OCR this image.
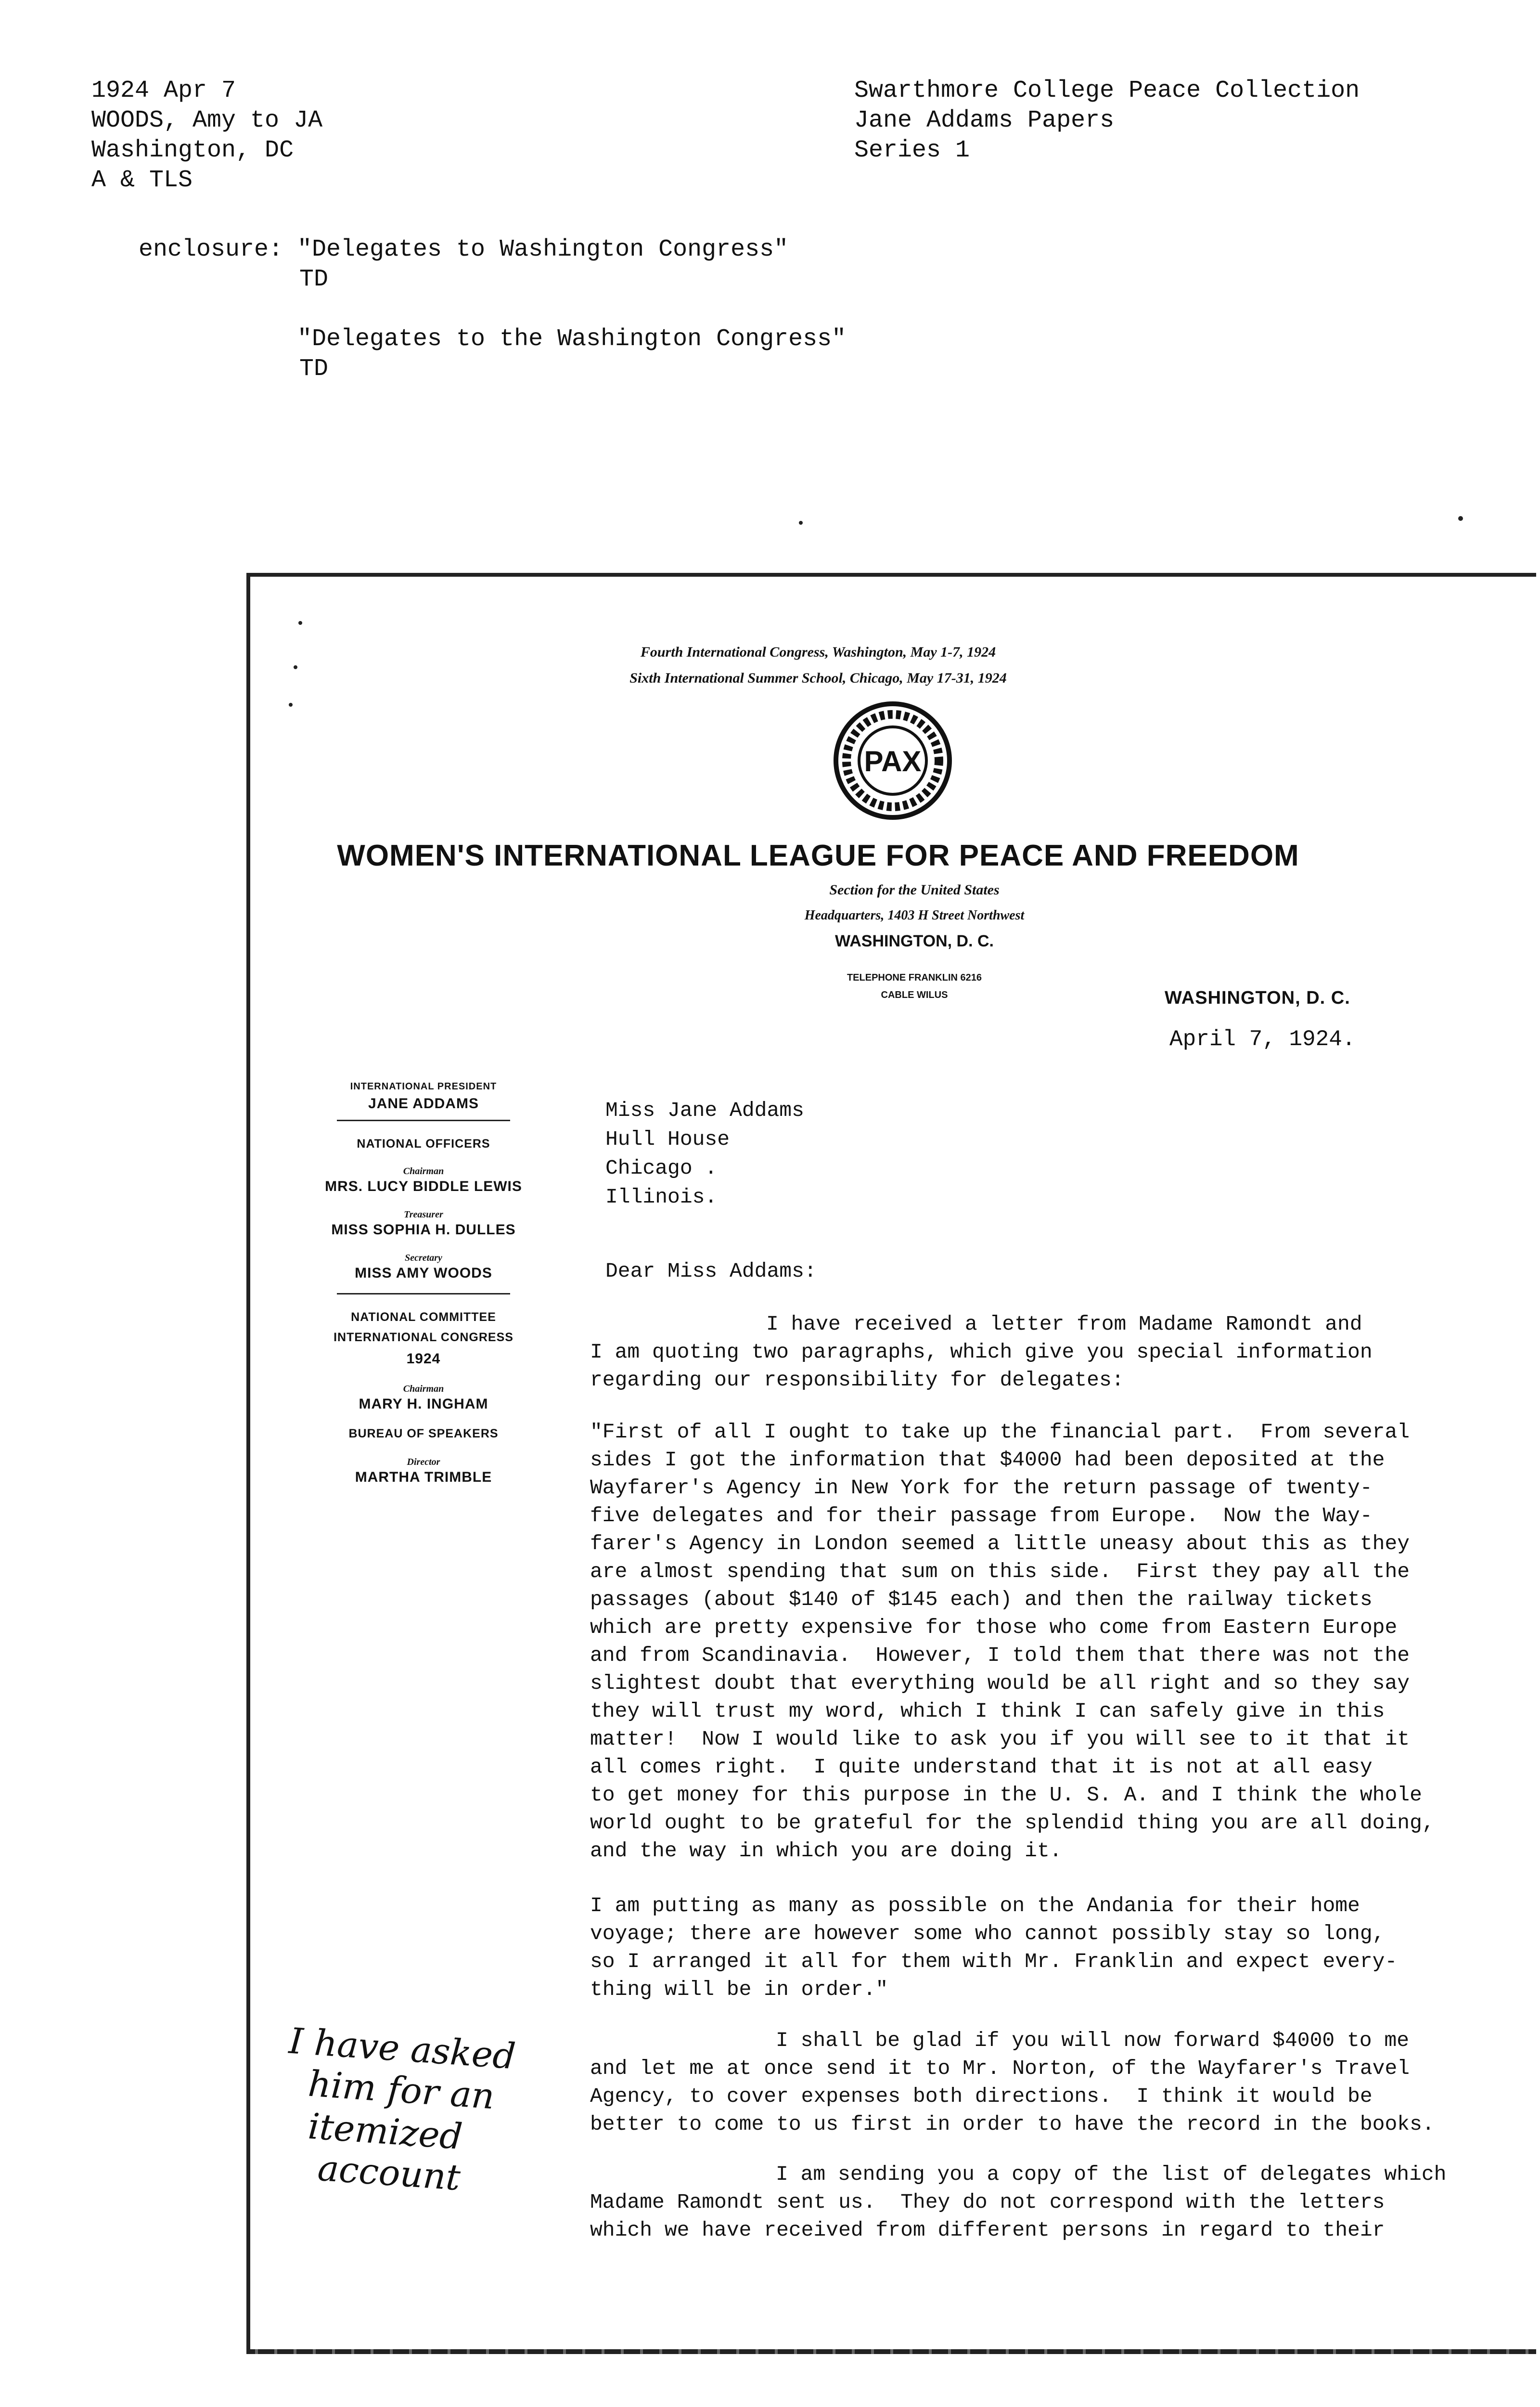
1924 Apr 7
WOODS, Amy to JA
Washington, DC
A & TLS
Swarthmore College Peace Collection
Jane Addams Papers
Series 1
enclosure: "Delegates to Washington Congress"
TD
"Delegates to the Washington Congress"
TD
Fourth International Congress, Washington, May 1-7, 1924
Sixth International Summer School, Chicago, May 17-31, 1924
PAX
WOMEN'S INTERNATIONAL LEAGUE FOR PEACE AND FREEDOM
Section for the United States
Headquarters, 1403 H Street Northwest
WASHINGTON, D. C.
TELEPHONE FRANKLIN 6216
CABLE WILUS	WASHINGTON, D. C.
April 7, 1924.
INTERNATIONAL PRESIDENT
JANE ADDAMS
NATIONAL OFFICERS
Chairman
MRS. LUCY BIDDLE LEWIS
Treasurer
MISS SOPHIA H. DULLES
Secretary
MISS AMY WOODS
NATIONAL COMMITTEE
INTERNATIONAL CONGRESS
1924
Chairman
MARY H. INGHAM
BUREAU OF SPEAKERS
Director
MARTHA TRIMBLE
Miss Jane Addams
Hull House
Chicago .
Illinois.
Dear Miss Addams:
I have received a letter from Madame Ramondt and
I am quoting two paragraphs, which give you special information
regarding our responsibility for delegates:
"First of all I ought to take up the financial part.  From several
sides I got the information that $4000 had been deposited at the
Wayfarer's Agency in New York for the return passage of twenty-
five delegates and for their passage from Europe.  Now the Way-
farer's Agency in London seemed a little uneasy about this as they
are almost spending that sum on this side.  First they pay all the
passages (about $140 of $145 each) and then the railway tickets
which are pretty expensive for those who come from Eastern Europe
and from Scandinavia.  However, I told them that there was not the
slightest doubt that everything would be all right and so they say
they will trust my word, which I think I can safely give in this
matter!  Now I would like to ask you if you will see to it that it
all comes right.  I quite understand that it is not at all easy
to get money for this purpose in the U. S. A. and I think the whole
world ought to be grateful for the splendid thing you are all doing,
and the way in which you are doing it.
I am putting as many as possible on the Andania for their home
voyage; there are however some who cannot possibly stay so long,
so I arranged it all for them with Mr. Franklin and expect every-
thing will be in order."
I shall be glad if you will now forward $4000 to me
and let me at once send it to Mr. Norton, of the Wayfarer's Travel
Agency, to cover expenses both directions.  I think it would be
better to come to us first in order to have the record in the books.
I am sending you a copy of the list of delegates which
Madame Ramondt sent us.  They do not correspond with the letters
which we have received from different persons in regard to their
I have asked
him for an
itemized
account
